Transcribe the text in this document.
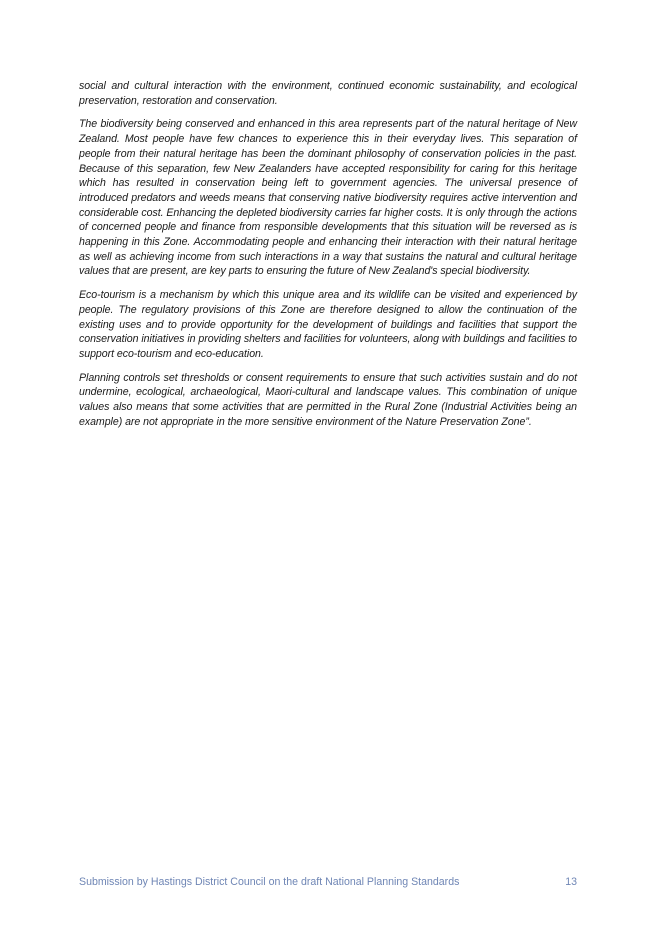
social and cultural interaction with the environment, continued economic sustainability, and ecological preservation, restoration and conservation.

The biodiversity being conserved and enhanced in this area represents part of the natural heritage of New Zealand. Most people have few chances to experience this in their everyday lives. This separation of people from their natural heritage has been the dominant philosophy of conservation policies in the past. Because of this separation, few New Zealanders have accepted responsibility for caring for this heritage which has resulted in conservation being left to government agencies. The universal presence of introduced predators and weeds means that conserving native biodiversity requires active intervention and considerable cost. Enhancing the depleted biodiversity carries far higher costs. It is only through the actions of concerned people and finance from responsible developments that this situation will be reversed as is happening in this Zone. Accommodating people and enhancing their interaction with their natural heritage as well as achieving income from such interactions in a way that sustains the natural and cultural heritage values that are present, are key parts to ensuring the future of New Zealand's special biodiversity.

Eco-tourism is a mechanism by which this unique area and its wildlife can be visited and experienced by people. The regulatory provisions of this Zone are therefore designed to allow the continuation of the existing uses and to provide opportunity for the development of buildings and facilities that support the conservation initiatives in providing shelters and facilities for volunteers, along with buildings and facilities to support eco-tourism and eco-education.

Planning controls set thresholds or consent requirements to ensure that such activities sustain and do not undermine, ecological, archaeological, Maori-cultural and landscape values. This combination of unique values also means that some activities that are permitted in the Rural Zone (Industrial Activities being an example) are not appropriate in the more sensitive environment of the Nature Preservation Zone”.

Submission by Hastings District Council on the draft National Planning Standards	13
